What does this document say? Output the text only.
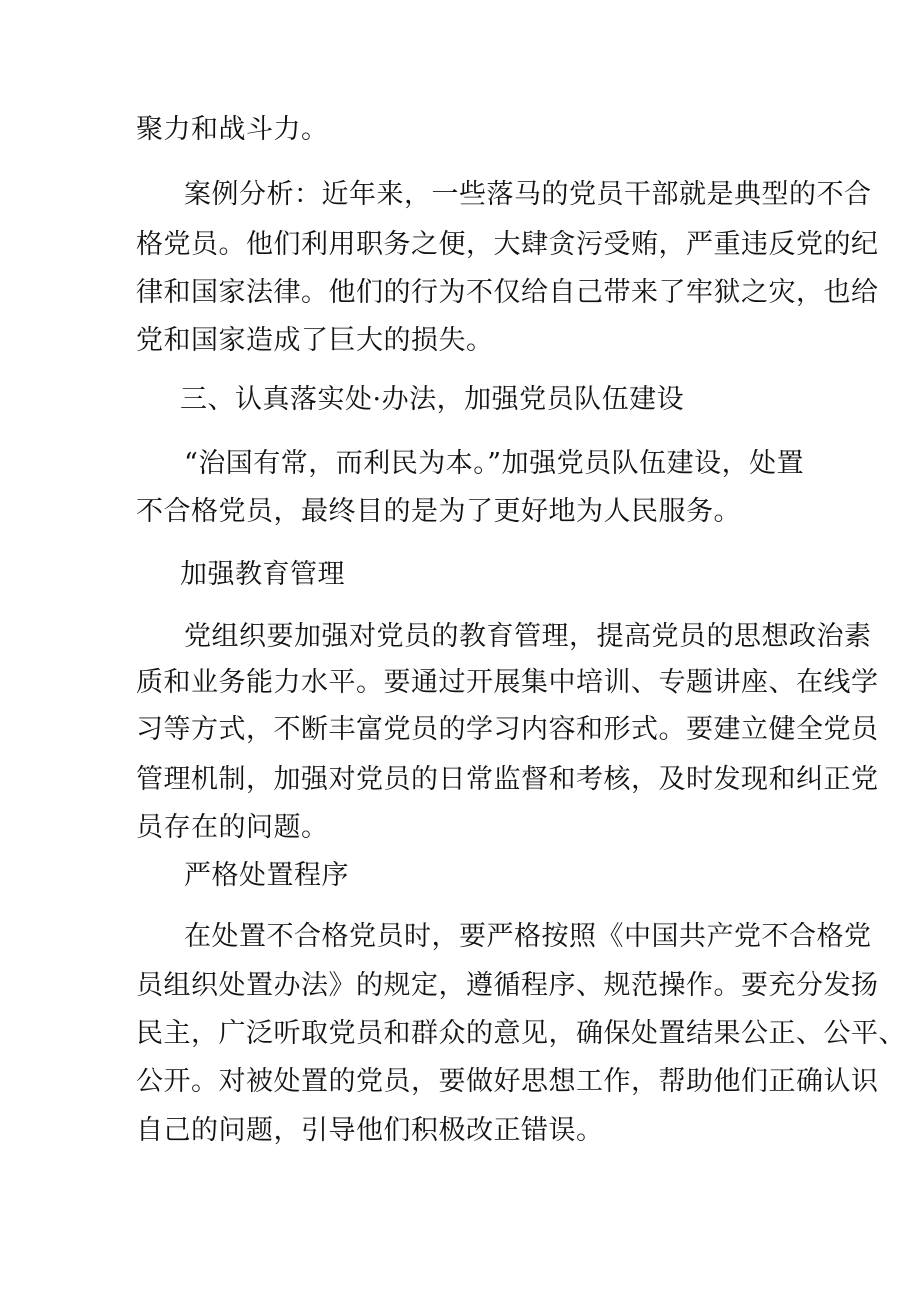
聚力和战斗力。
案例分析：近年来，一些落马的党员干部就是典型的不合
格党员。他们利用职务之便，大肆贪污受贿，严重违反党的纪
律和国家法律。他们的行为不仅给自己带来了牢狱之灾，也给
党和国家造成了巨大的损失。
三、认真落实处·办法，加强党员队伍建设
“治国有常，而利民为本。”加强党员队伍建设，处置
不合格党员，最终目的是为了更好地为人民服务。
加强教育管理
党组织要加强对党员的教育管理，提高党员的思想政治素
质和业务能力水平。要通过开展集中培训、专题讲座、在线学
习等方式，不断丰富党员的学习内容和形式。要建立健全党员
管理机制，加强对党员的日常监督和考核，及时发现和纠正党
员存在的问题。
严格处置程序
在处置不合格党员时，要严格按照《中国共产党不合格党
员组织处置办法》的规定，遵循程序、规范操作。要充分发扬
民主，广泛听取党员和群众的意见，确保处置结果公正、公平、
公开。对被处置的党员，要做好思想工作，帮助他们正确认识
自己的问题，引导他们积极改正错误。
